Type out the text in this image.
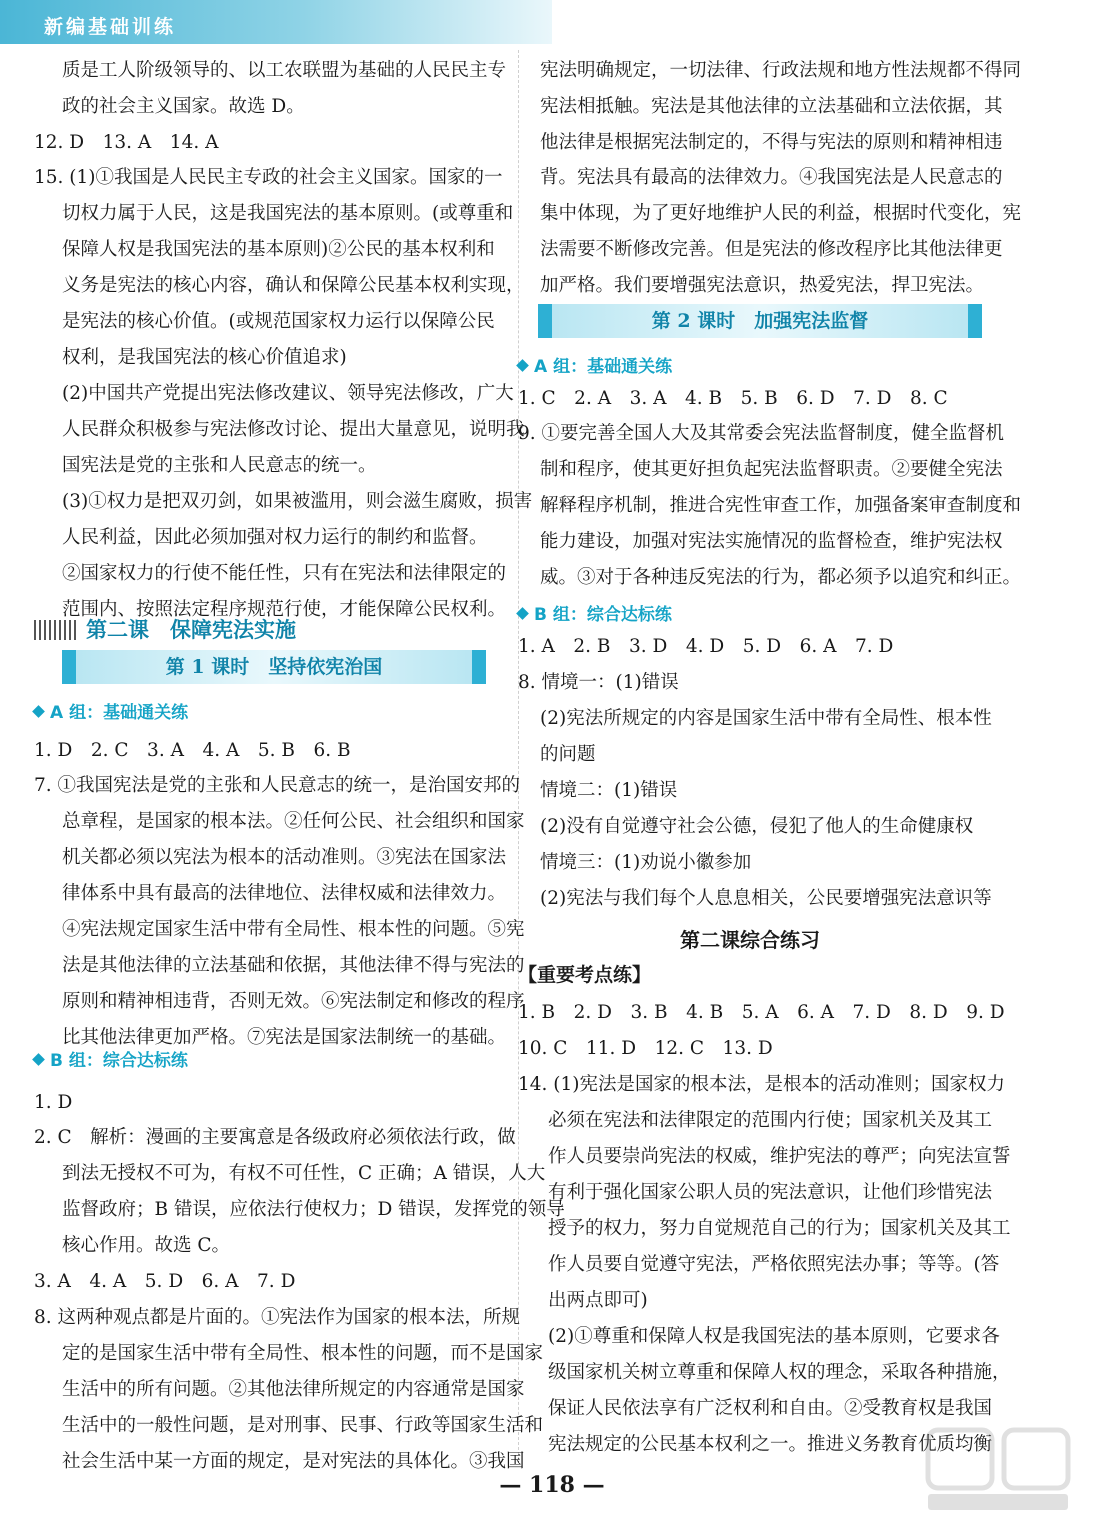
新编基础训练
第二课　保障宪法实施
第 1 课时　坚持依宪治国
A 组：基础通关练
B 组：综合达标练
第 2 课时　加强宪法监督
A 组：基础通关练
B 组：综合达标练
第二课综合练习
【重要考点练】
质是工人阶级领导的、以工农联盟为基础的人民民主专
政的社会主义国家。故选 D。
12. D　13. A　14. A
15. (1)①我国是人民民主专政的社会主义国家。国家的一
切权力属于人民，这是我国宪法的基本原则。(或尊重和
保障人权是我国宪法的基本原则)②公民的基本权利和
义务是宪法的核心内容，确认和保障公民基本权利实现，
是宪法的核心价值。(或规范国家权力运行以保障公民
权利，是我国宪法的核心价值追求)
(2)中国共产党提出宪法修改建议、领导宪法修改，广大
人民群众积极参与宪法修改讨论、提出大量意见，说明我
国宪法是党的主张和人民意志的统一。
(3)①权力是把双刃剑，如果被滥用，则会滋生腐败，损害
人民利益，因此必须加强对权力运行的制约和监督。
②国家权力的行使不能任性，只有在宪法和法律限定的
范围内、按照法定程序规范行使，才能保障公民权利。
1. D　2. C　3. A　4. A　5. B　6. B
7. ①我国宪法是党的主张和人民意志的统一，是治国安邦的
总章程，是国家的根本法。②任何公民、社会组织和国家
机关都必须以宪法为根本的活动准则。③宪法在国家法
律体系中具有最高的法律地位、法律权威和法律效力。
④宪法规定国家生活中带有全局性、根本性的问题。⑤宪
法是其他法律的立法基础和依据，其他法律不得与宪法的
原则和精神相违背，否则无效。⑥宪法制定和修改的程序
比其他法律更加严格。⑦宪法是国家法制统一的基础。
1. D
2. C　解析：漫画的主要寓意是各级政府必须依法行政，做
到法无授权不可为，有权不可任性，C 正确；A 错误，人大
监督政府；B 错误，应依法行使权力；D 错误，发挥党的领导
核心作用。故选 C。
3. A　4. A　5. D　6. A　7. D
8. 这两种观点都是片面的。①宪法作为国家的根本法，所规
定的是国家生活中带有全局性、根本性的问题，而不是国家
生活中的所有问题。②其他法律所规定的内容通常是国家
生活中的一般性问题，是对刑事、民事、行政等国家生活和
社会生活中某一方面的规定，是对宪法的具体化。③我国
宪法明确规定，一切法律、行政法规和地方性法规都不得同
宪法相抵触。宪法是其他法律的立法基础和立法依据，其
他法律是根据宪法制定的，不得与宪法的原则和精神相违
背。宪法具有最高的法律效力。④我国宪法是人民意志的
集中体现，为了更好地维护人民的利益，根据时代变化，宪
法需要不断修改完善。但是宪法的修改程序比其他法律更
加严格。我们要增强宪法意识，热爱宪法，捍卫宪法。
1. C　2. A　3. A　4. B　5. B　6. D　7. D　8. C
9. ①要完善全国人大及其常委会宪法监督制度，健全监督机
制和程序，使其更好担负起宪法监督职责。②要健全宪法
解释程序机制，推进合宪性审查工作，加强备案审查制度和
能力建设，加强对宪法实施情况的监督检查，维护宪法权
威。③对于各种违反宪法的行为，都必须予以追究和纠正。
1. A　2. B　3. D　4. D　5. D　6. A　7. D
8. 情境一：(1)错误
(2)宪法所规定的内容是国家生活中带有全局性、根本性
的问题
情境二：(1)错误
(2)没有自觉遵守社会公德，侵犯了他人的生命健康权
情境三：(1)劝说小徽参加
(2)宪法与我们每个人息息相关，公民要增强宪法意识等
1. B　2. D　3. B　4. B　5. A　6. A　7. D　8. D　9. D
10. C　11. D　12. C　13. D
14. (1)宪法是国家的根本法，是根本的活动准则；国家权力
必须在宪法和法律限定的范围内行使；国家机关及其工
作人员要崇尚宪法的权威，维护宪法的尊严；向宪法宣誓
有利于强化国家公职人员的宪法意识，让他们珍惜宪法
授予的权力，努力自觉规范自己的行为；国家机关及其工
作人员要自觉遵守宪法，严格依照宪法办事；等等。(答
出两点即可)
(2)①尊重和保障人权是我国宪法的基本原则，它要求各
级国家机关树立尊重和保障人权的理念，采取各种措施，
保证人民依法享有广泛权利和自由。②受教育权是我国
宪法规定的公民基本权利之一。推进义务教育优质均衡
— 118 —
